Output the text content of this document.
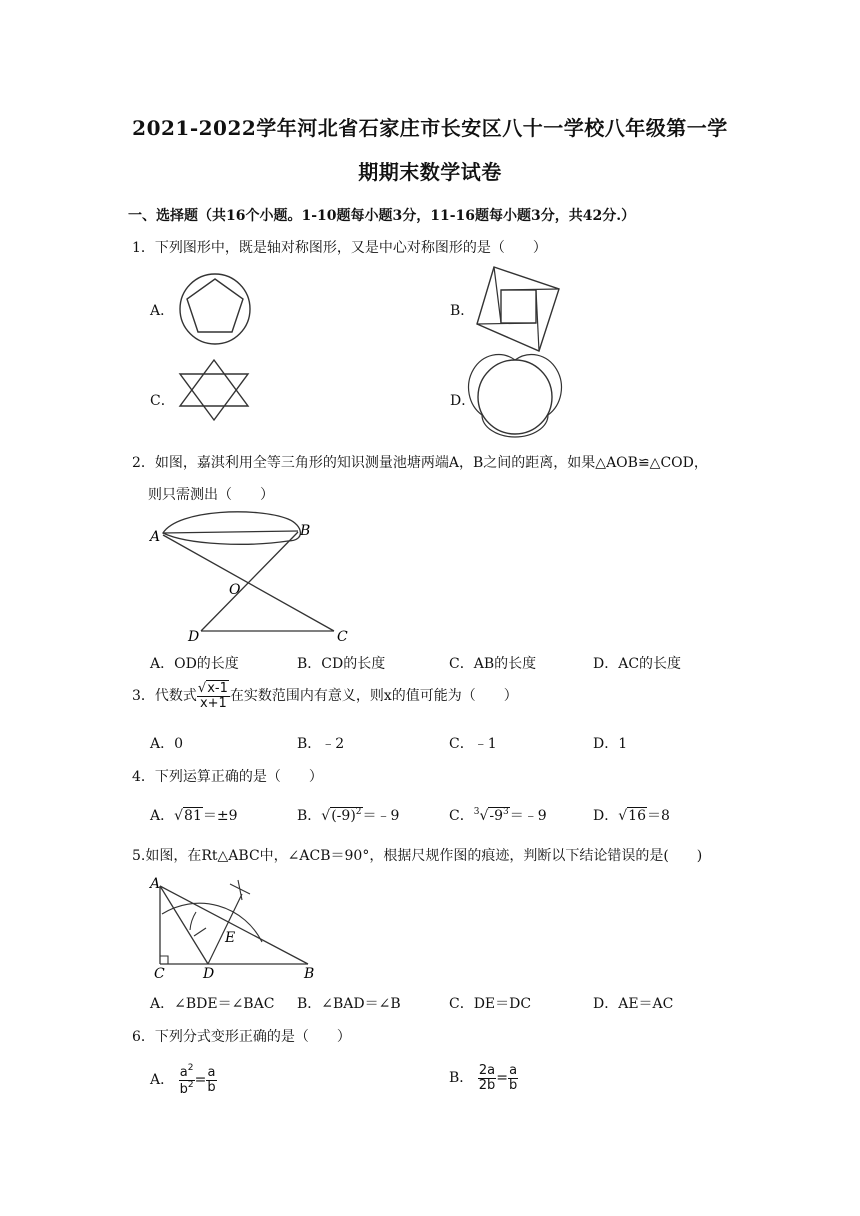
2021-2022学年河北省石家庄市长安区八十一学校八年级第一学
期期末数学试卷
一、选择题（共16个小题。1-10题每小题3分，11-16题每小题3分，共42分.）
1．下列图形中，既是轴对称图形，又是中心对称图形的是（　　）
A．	B．
C．	D．
2．如图，嘉淇利用全等三角形的知识测量池塘两端A，B之间的距离，如果△AOB≌△COD，
则只需测出（　　）
A	B
O
D	C
A．OD的长度	B．CD的长度	C．AB的长度	D．AC的长度
3．代数式 $\frac{√x-1}{x+1}$ 在实数范围内有意义，则x的值可能为（　　）
A．0	B．﹣2	C．﹣1	D．1
4．下列运算正确的是（　　）
A．√81＝±9	B．$√(-9)^2=﹣9$	C．$^3√-9^3=﹣9$	D．√16＝8
5.如图，在Rt△ABC中，∠ACB＝90°，根据尺规作图的痕迹，判断以下结论错误的是(　　)
A
C	D	B
E
A．∠BDE＝∠BAC B．∠BAD＝∠B	C．DE＝DC	D．AE＝AC
6．下列分式变形正确的是（　　）
A． $\frac{a^2}{b^2} = \frac{a}{b}$	B． $\frac{2a}{2b} = \frac{a}{b}$
